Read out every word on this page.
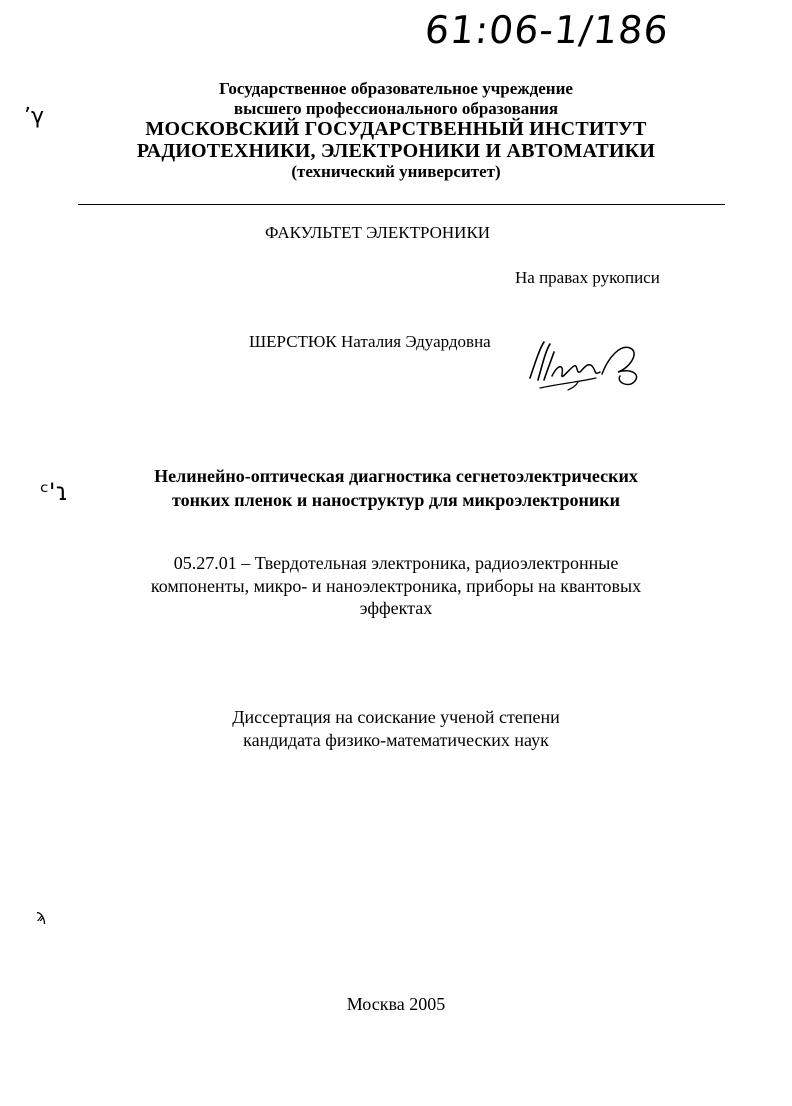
61:06-1/186
ʼγ
ᶜ'ɿ
ϡ
Государственное образовательное учреждение
высшего профессионального образования
МОСКОВСКИЙ ГОСУДАРСТВЕННЫЙ ИНСТИТУТ
РАДИОТЕХНИКИ, ЭЛЕКТРОНИКИ И АВТОМАТИКИ
(технический университет)
ФАКУЛЬТЕТ ЭЛЕКТРОНИКИ
На правах рукописи
ШЕРСТЮК Наталия Эдуардовна
Нелинейно-оптическая диагностика сегнетоэлектрических
тонких пленок и наноструктур для микроэлектроники
05.27.01 – Твердотельная электроника, радиоэлектронные
компоненты, микро- и наноэлектроника, приборы на квантовых
эффектах
Диссертация на соискание ученой степени
кандидата физико-математических наук
Москва 2005
